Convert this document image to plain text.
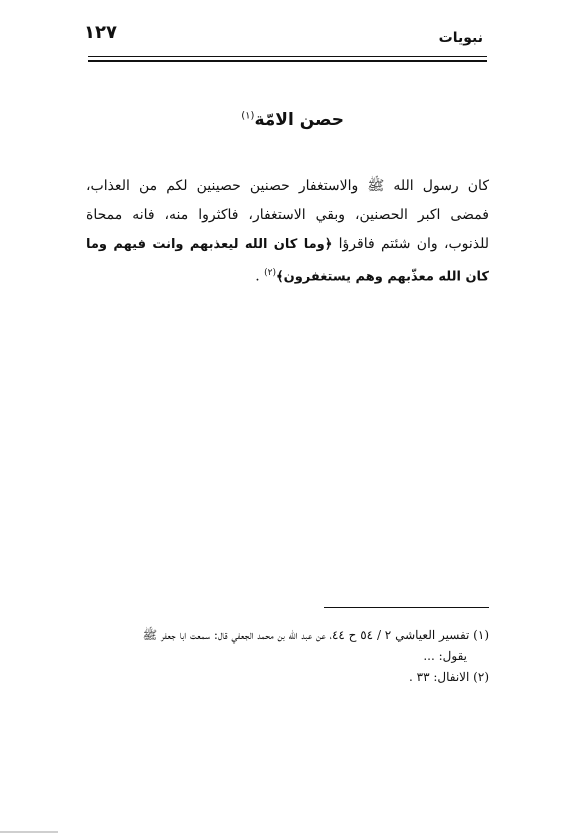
١٢٧	نبويات
حصن الامّة$^{(١)}$
كان رسول الله ﷺ والاستغفار حصنين حصينين لكم من العذاب، فمضى اكبر الحصنين، وبقي الاستغفار، فاكثروا منه، فانه ممحاة للذنوب، وان شئتم فاقرؤا ﴿وما كان الله ليعذبهم وانت فيهم وما كان الله معذّبهم وهم يستغفرون﴾$^{(٢)}$ .
(١) تفسير العياشي ٢ / ٥٤ ح ٤٤، عن عبد الله بن محمد الجعفي قال: سمعت ابا جعفر ﷺ
يقول: ...
(٢) الانفال: ٣٣ .
